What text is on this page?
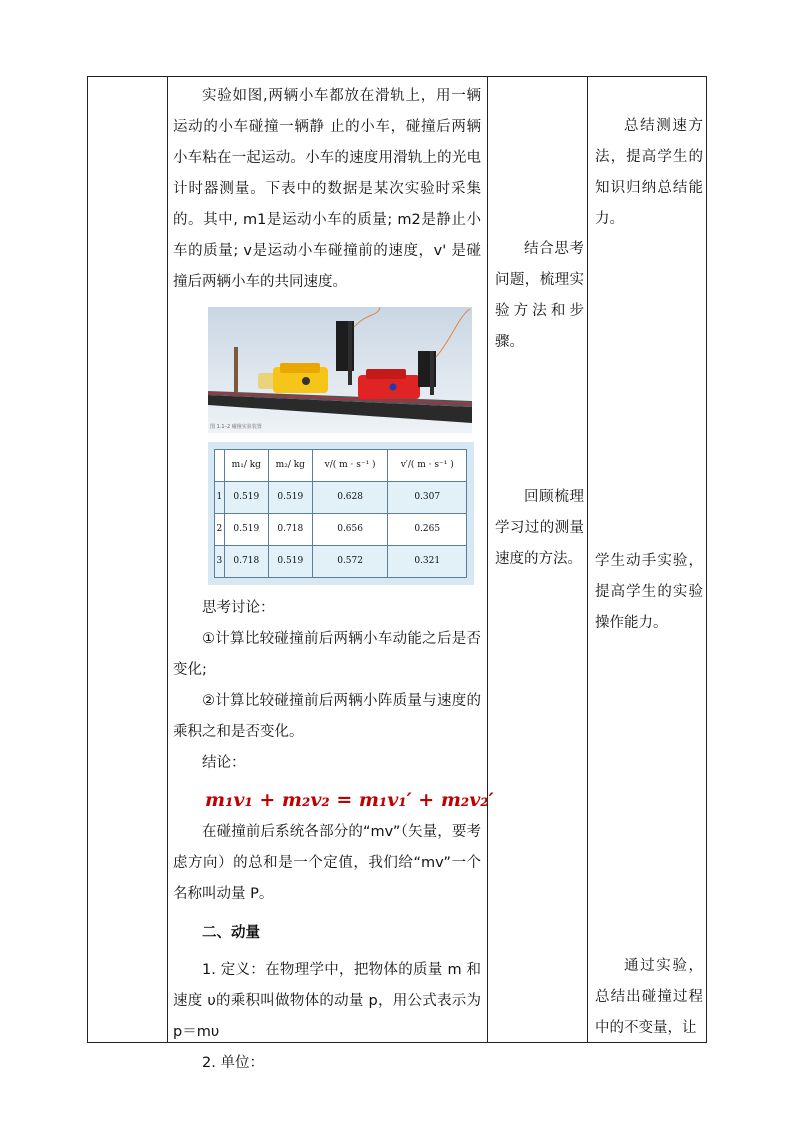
实验如图,两辆小车都放在滑轨上，用一辆运动的小车碰撞一辆静 止的小车，碰撞后两辆小车粘在一起运动。小车的速度用滑轨上的光电计时器测量。下表中的数据是某次实验时采集的。其中, m1是运动小车的质量; m2是静止小车的质量; v是运动小车碰撞前的速度，v' 是碰撞后两辆小车的共同速度。

图 1.1–2 碰撞实验装置
	m₁/ kg	m₂/ kg	v/( m · s⁻¹ )	v′/( m · s⁻¹ )
1	0.519	0.519	0.628	0.307
2	0.519	0.718	0.656	0.265
3	0.718	0.519	0.572	0.321

思考讨论：

①计算比较碰撞前后两辆小车动能之后是否变化;

②计算比较碰撞前后两辆小阵质量与速度的乘积之和是否变化。

结论：

m₁v₁ + m₂v₂ = m₁v₁′ + m₂v₂′

在碰撞前后系统各部分的“mv”（矢量，要考虑方向）的总和是一个定值，我们给“mv”一个名称叫动量 P。

二、动量

1. 定义：在物理学中，把物体的质量 m 和速度 υ的乘积叫做物体的动量 p，用公式表示为 p＝mυ

2. 单位：

结合思考问题，梳理实验方法和步骤。

回顾梳理学习过的测量速度的方法。

总结测速方法，提高学生的知识归纳总结能力。

学生动手实验，提高学生的实验操作能力。

通过实验，总结出碰撞过程中的不变量，让
